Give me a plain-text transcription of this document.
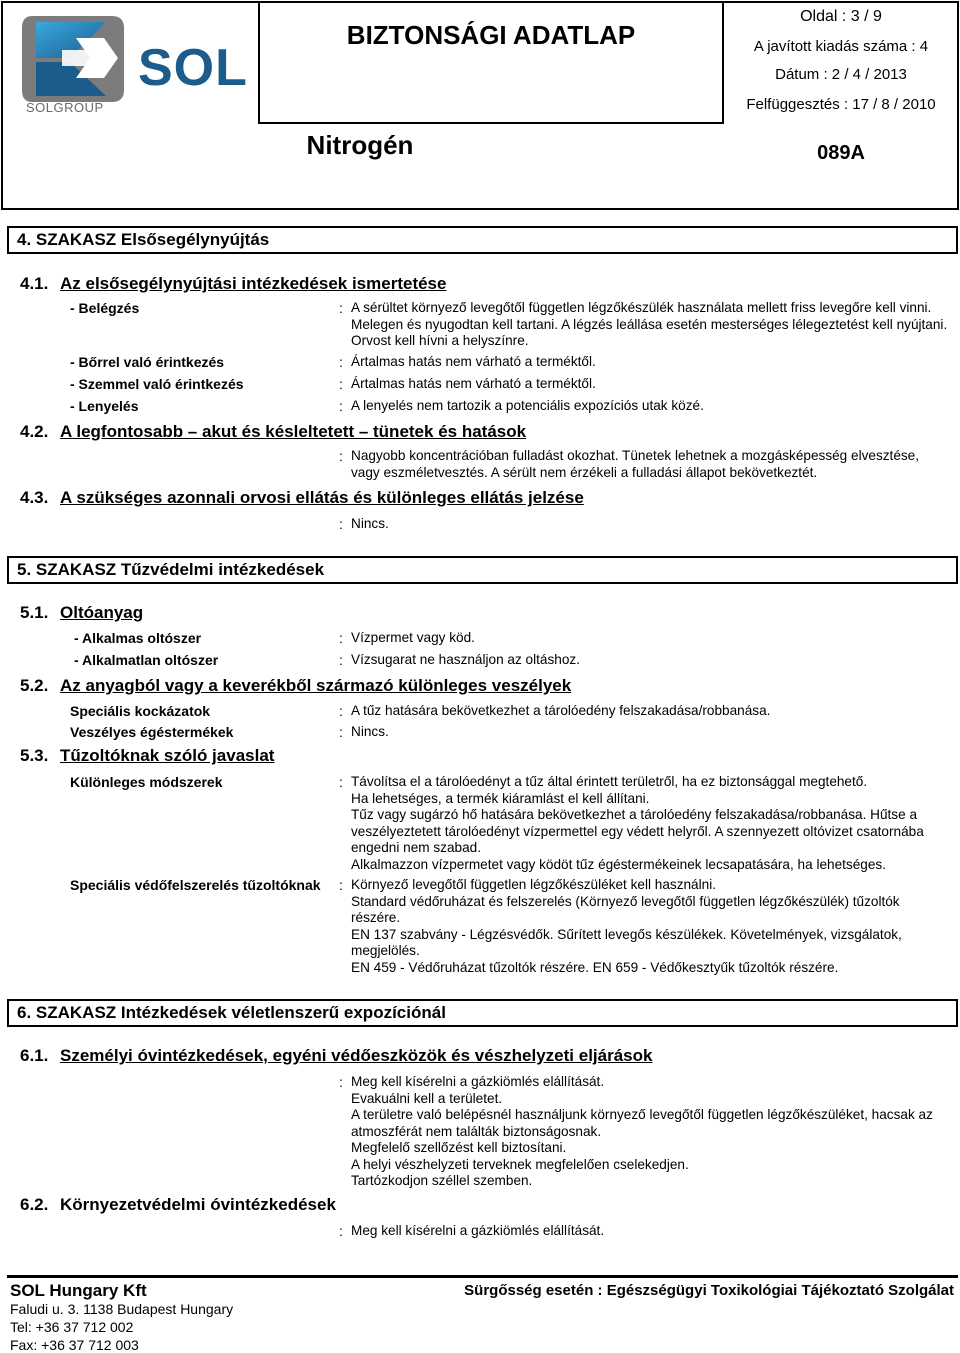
SOL
SOLGROUP
BIZTONSÁGI ADATLAP
Nitrogén
Oldal : 3 / 9
A javított kiadás száma : 4
Dátum : 2 / 4 / 2013
Felfüggesztés : 17 / 8 / 2010
089A
4. SZAKASZ Elsősegélynyújtás
4.1. Az elsősegélynyújtási intézkedések ismertetése
- Belégzés	: A sérültet környező levegőtől független légzőkészülék használata mellett friss levegőre kell vinni. Melegen és nyugodtan kell tartani. A légzés leállása esetén mesterséges lélegeztetést kell nyújtani. Orvost kell hívni a helyszínre.
- Bőrrel való érintkezés	: Ártalmas hatás nem várható a terméktől.
- Szemmel való érintkezés	: Ártalmas hatás nem várható a terméktől.
- Lenyelés	: A lenyelés nem tartozik a potenciális expozíciós utak közé.
4.2. A legfontosabb – akut és késleltetett – tünetek és hatások
: Nagyobb koncentrációban fulladást okozhat. Tünetek lehetnek a mozgásképesség elvesztése, vagy eszméletvesztés. A sérült nem érzékeli a fulladási állapot bekövetkeztét.
4.3. A szükséges azonnali orvosi ellátás és különleges ellátás jelzése
: Nincs.
5. SZAKASZ Tűzvédelmi intézkedések
5.1. Oltóanyag
- Alkalmas oltószer	: Vízpermet vagy köd.
- Alkalmatlan oltószer	: Vízsugarat ne használjon az oltáshoz.
5.2. Az anyagból vagy a keverékből származó különleges veszélyek
Speciális kockázatok	: A tűz hatására bekövetkezhet a tárolóedény felszakadása/robbanása.
Veszélyes égéstermékek	: Nincs.
5.3. Tűzoltóknak szóló javaslat
Különleges módszerek	: Távolítsa el a tárolóedényt a tűz által érintett területről, ha ez biztonsággal megtehető.
Ha lehetséges, a termék kiáramlást el kell állítani.
Tűz vagy sugárzó hő hatására bekövetkezhet a tárolóedény felszakadása/robbanása. Hűtse a veszélyeztetett tárolóedényt vízpermettel egy védett helyről. A szennyezett oltóvizet csatornába engedni nem szabad.
Alkalmazzon vízpermetet vagy ködöt tűz égéstermékeinek lecsapatására, ha lehetséges.
Speciális védőfelszerelés tűzoltóknak : Környező levegőtől független légzőkészüléket kell használni.
Standard védőruházat és felszerelés (Környező levegőtől független légzőkészülék) tűzoltók részére.
EN 137 szabvány - Légzésvédők. Sűrített levegős készülékek. Követelmények, vizsgálatok, megjelölés.
EN 459 - Védőruházat tűzoltók részére. EN 659 - Védőkesztyűk tűzoltók részére.
6. SZAKASZ Intézkedések véletlenszerű expozíciónál
6.1. Személyi óvintézkedések, egyéni védőeszközök és vészhelyzeti eljárások
: Meg kell kísérelni a gázkiömlés elállítását.
Evakuálni kell a területet.
A területre való belépésnél használjunk környező levegőtől független légzőkészüléket, hacsak az atmoszférát nem találták biztonságosnak.
Megfelelő szellőzést kell biztosítani.
A helyi vészhelyzeti terveknek megfelelően cselekedjen.
Tartózkodjon széllel szemben.
6.2. Környezetvédelmi óvintézkedések
: Meg kell kísérelni a gázkiömlés elállítását.
SOL Hungary Kft
Faludi u. 3. 1138 Budapest Hungary
Tel: +36 37 712 002
Fax: +36 37 712 003
Sürgősség esetén : Egészségügyi Toxikológiai Tájékoztató Szolgálat
